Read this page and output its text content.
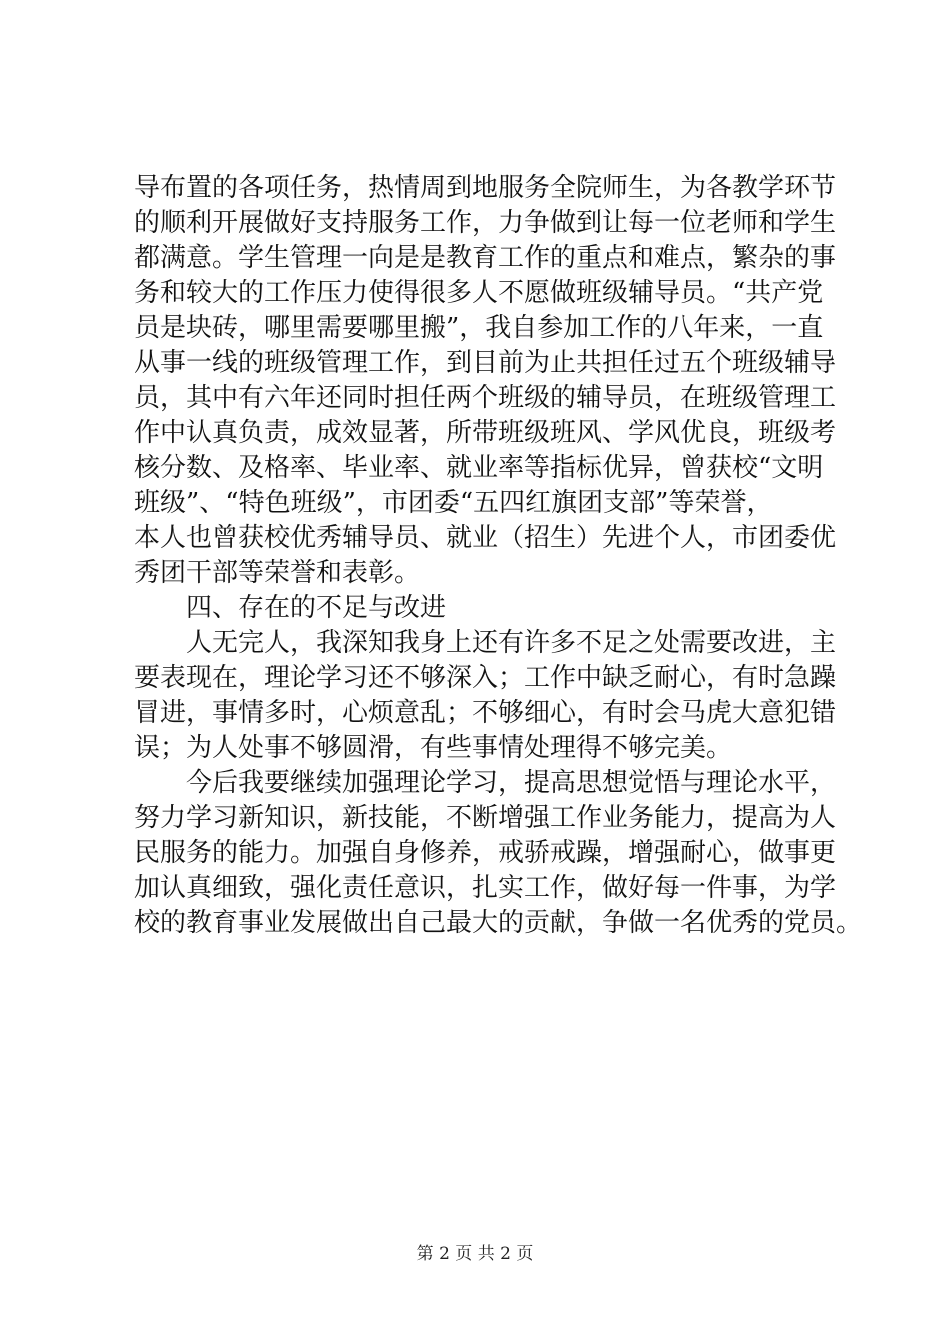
导布置的各项任务，热情周到地服务全院师生，为各教学环节
的顺利开展做好支持服务工作，力争做到让每一位老师和学生
都满意。学生管理一向是是教育工作的重点和难点，繁杂的事
务和较大的工作压力使得很多人不愿做班级辅导员。“共产党
员是块砖，哪里需要哪里搬”，我自参加工作的八年来，一直
从事一线的班级管理工作，到目前为止共担任过五个班级辅导
员，其中有六年还同时担任两个班级的辅导员，在班级管理工
作中认真负责，成效显著，所带班级班风、学风优良，班级考
核分数、及格率、毕业率、就业率等指标优异，曾获校“文明
班级”、“特色班级”，市团委“五四红旗团支部”等荣誉，
本人也曾获校优秀辅导员、就业（招生）先进个人，市团委优
秀团干部等荣誉和表彰。
四、存在的不足与改进
人无完人，我深知我身上还有许多不足之处需要改进，主
要表现在，理论学习还不够深入；工作中缺乏耐心，有时急躁
冒进，事情多时，心烦意乱；不够细心，有时会马虎大意犯错
误；为人处事不够圆滑，有些事情处理得不够完美。
今后我要继续加强理论学习，提高思想觉悟与理论水平，
努力学习新知识，新技能，不断增强工作业务能力，提高为人
民服务的能力。加强自身修养，戒骄戒躁，增强耐心，做事更
加认真细致，强化责任意识，扎实工作，做好每一件事，为学
校的教育事业发展做出自己最大的贡献，争做一名优秀的党员。
第 2 页 共 2 页
